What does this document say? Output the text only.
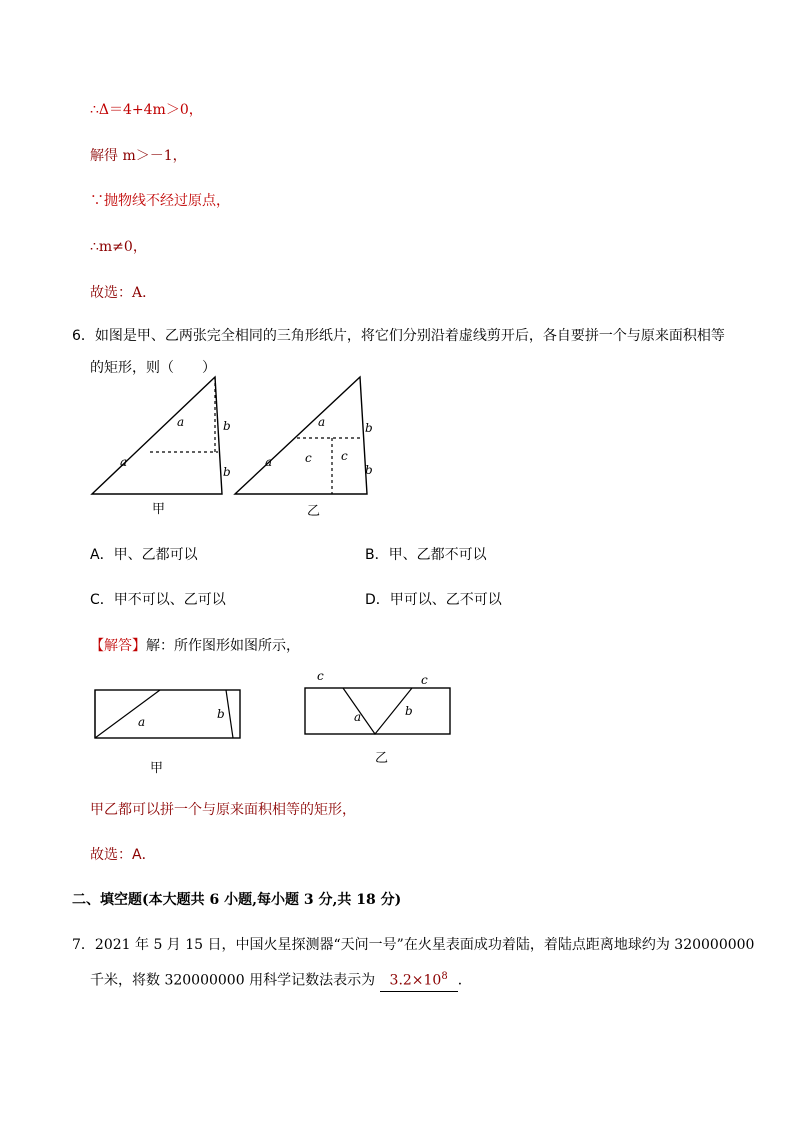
∴Δ＝4+4m＞0，
解得 m＞－1，
∵抛物线不经过原点，
∴m≠0，
故选：A．
6．如图是甲、乙两张完全相同的三角形纸片，将它们分别沿着虚线剪开后，各自要拼一个与原来面积相等
的矩形，则（　　）
a
a
b
b
甲
a
a
b
b
c c
乙
A．甲、乙都可以	B．甲、乙都不可以
C．甲不可以、乙可以	D．甲可以、乙不可以
【解答】解：所作图形如图所示，
a
b
甲
c	c
a	b
乙
甲乙都可以拼一个与原来面积相等的矩形，
故选：A．
二、填空题(本大题共 6 小题,每小题 3 分,共 18 分)
7．2021 年 5 月 15 日，中国火星探测器“天问一号”在火星表面成功着陆，着陆点距离地球约为 320000000
千米，将数 320000000 用科学记数法表示为 $3.2\times 10^8$ ．
